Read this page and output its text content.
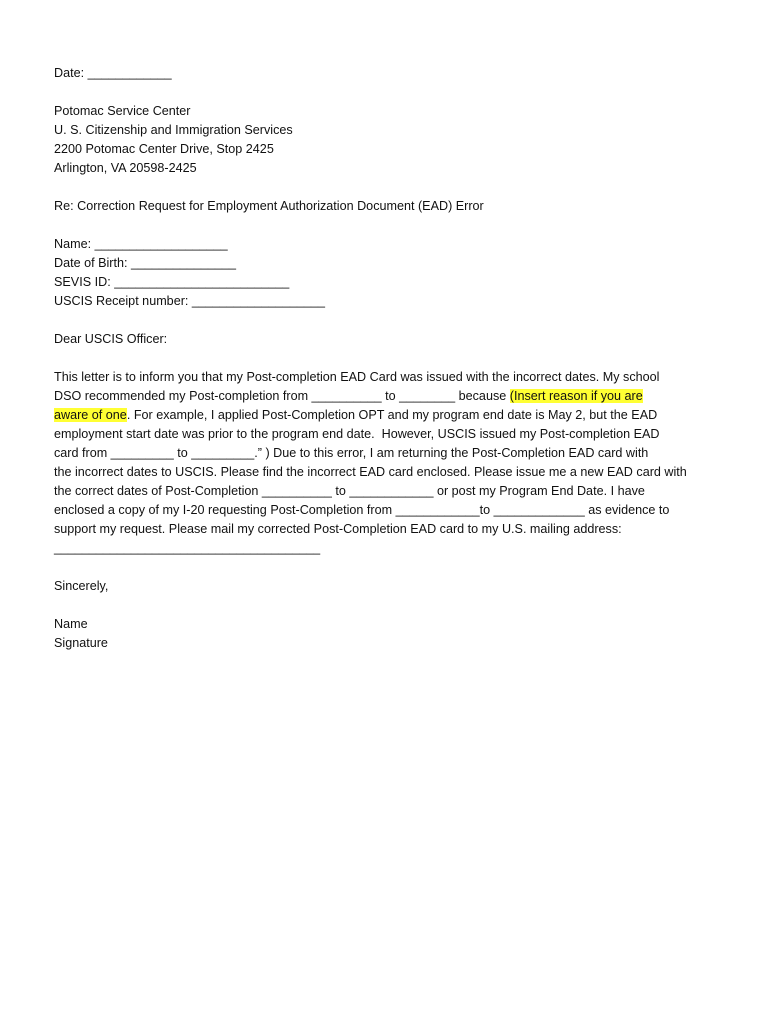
Date: ____________
Potomac Service Center
U. S. Citizenship and Immigration Services
2200 Potomac Center Drive, Stop 2425
Arlington, VA 20598-2425
Re: Correction Request for Employment Authorization Document (EAD) Error
Name: ___________________
Date of Birth: _______________
SEVIS ID: _________________________
USCIS Receipt number: ___________________
Dear USCIS Officer:
This letter is to inform you that my Post-completion EAD Card was issued with the incorrect dates. My school
DSO recommended my Post-completion from __________ to ________ because (Insert reason if you are
aware of one. For example, I applied Post-Completion OPT and my program end date is May 2, but the EAD
employment start date was prior to the program end date.  However, USCIS issued my Post-completion EAD
card from _________ to _________.” ) Due to this error, I am returning the Post-Completion EAD card with
the incorrect dates to USCIS. Please find the incorrect EAD card enclosed. Please issue me a new EAD card with
the correct dates of Post-Completion __________ to ____________ or post my Program End Date. I have
enclosed a copy of my I-20 requesting Post-Completion from ____________to _____________ as evidence to
support my request. Please mail my corrected Post-Completion EAD card to my U.S. mailing address:
______________________________________
Sincerely,
Name
Signature
